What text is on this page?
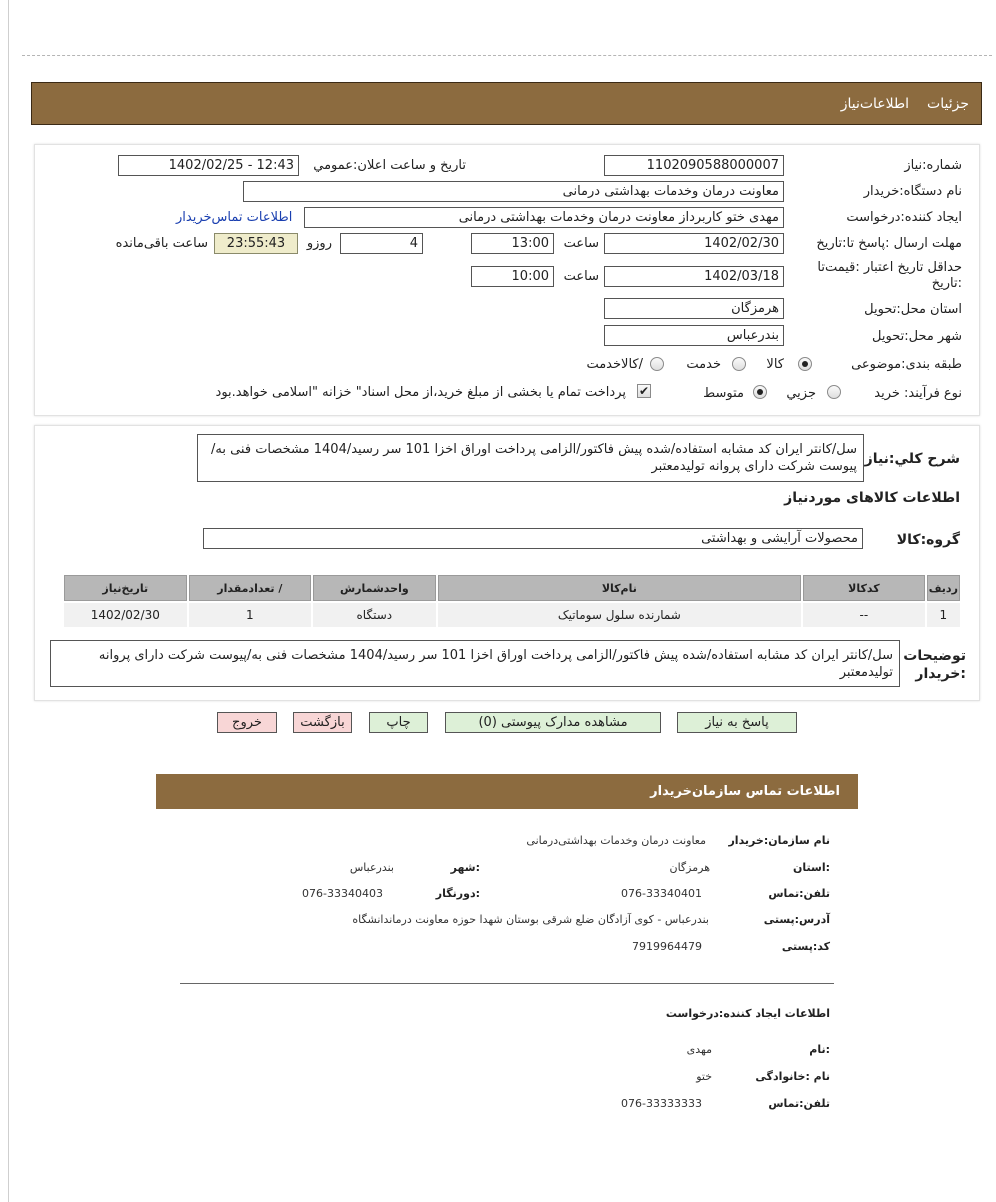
جزئیات
اطلاعات‌نیاز
شماره:نیاز
1102090588000007
تاریخ و ساعت اعلان:عمومي
1402/02/25 - 12:43
نام دستگاه:خريدار
معاونت درمان وخدمات بهداشتی درمانی
ايجاد كننده:درخواست
مهدی ختو کاربرداز معاونت درمان وخدمات بهداشتی درمانی
اطلاعات تماس‌خريدار
مهلت ارسال :پاسخ تا:تاريخ
1402/02/30
ساعت
13:00
4
روزو
23:55:43
ساعت باقی‌مانده
حداقل تاريخ اعتبار :قيمت‌تا :تاريخ
1402/03/18
ساعت
10:00
استان محل:تحويل
هرمزگان
شهر محل:تحويل
بندرعباس
طبقه بندی:موضوعی
كالا
خدمت
/كالاخدمت
نوع فرآيند: خريد
جزيي
متوسط
✔
پرداخت تمام يا بخشی از مبلغ خريد،از محل اسناد" خزانه "اسلامی خواهد.بود
شرح كلي:نياز
سل/کانتر ایران کد مشابه استفاده/شده پیش فاکتور/الزامی پرداخت اوراق اخزا 101 سر رسید/1404 مشخصات فنی به/پیوست شرکت دارای پروانه تولیدمعتبر
اطلاعات كالاهای موردنياز
گروه:كالا
محصولات آرایشی و بهداشتی
رديف	كدكالا	نام‌كالا	واحدشمارش	/ تعدادمقدار	تاريخ‌نياز
1	--	شمارنده سلول سوماتیک	دستگاه	1	1402/02/30
توضيحات :خريدار
سل/کانتر ایران کد مشابه استفاده/شده پیش فاکتور/الزامی پرداخت اوراق اخزا 101 سر رسید/1404 مشخصات فنی به/پیوست شرکت دارای پروانه تولیدمعتبر
پاسخ به نياز
مشاهده مدارک پيوستی (0)
چاپ
بازگشت
خروج
اطلاعات تماس سازمان‌خريدار
نام سازمان:خريدار
معاونت درمان وخدمات بهداشتی‌درمانی
:استان
هرمزگان
:شهر
بندرعباس
تلفن:تماس
076-33340401
:دورنگار
076-33340403
آدرس:پستی
بندرعباس - کوی آزادگان ضلع شرقی بوستان شهدا حوزه معاونت درماندانشگاه
كد:پستی
7919964479
اطلاعات ايجاد كننده:درخواست
:نام
مهدی
نام :خانوادگی
ختو
تلفن:تماس
076-33333333
